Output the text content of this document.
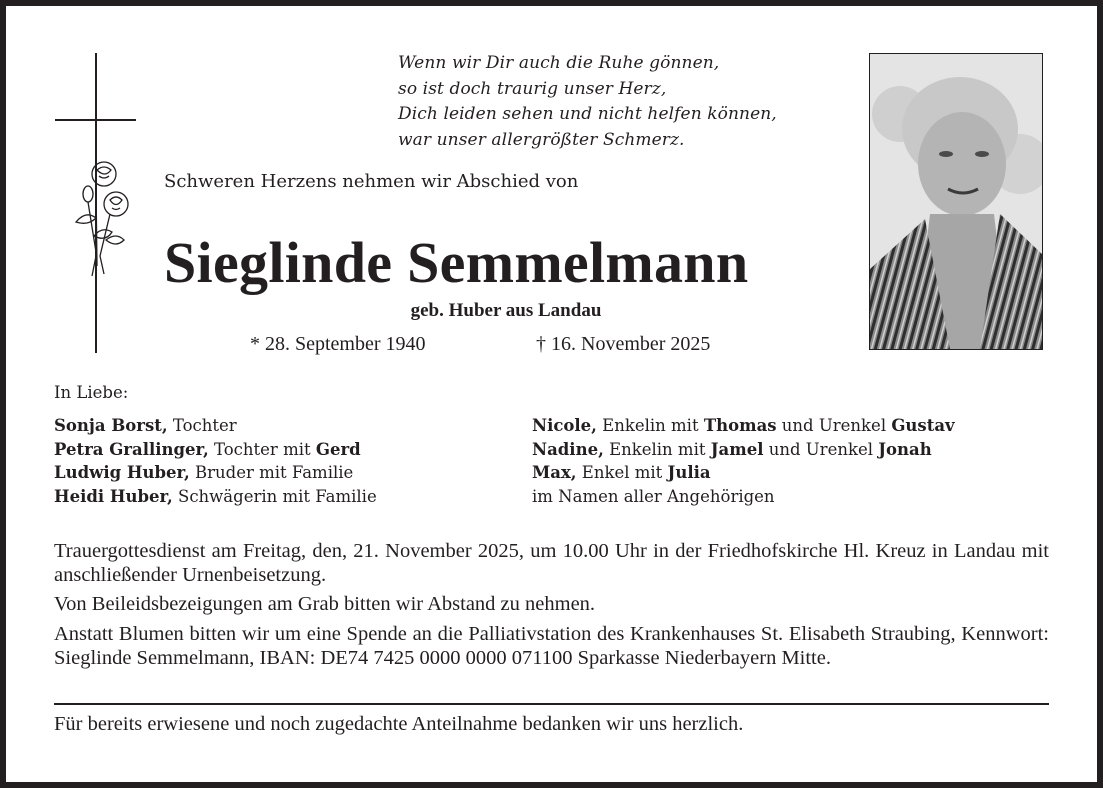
Wenn wir Dir auch die Ruhe gönnen,
so ist doch traurig unser Herz,
Dich leiden sehen und nicht helfen können,
war unser allergrößter Schmerz.
Schweren Herzens nehmen wir Abschied von
Sieglinde Semmelmann
geb. Huber aus Landau
* 28. September 1940	† 16. November 2025
In Liebe:
Sonja Borst, Tochter
Petra Grallinger, Tochter mit Gerd
Ludwig Huber, Bruder mit Familie
Heidi Huber, Schwägerin mit Familie
Nicole, Enkelin mit Thomas und Urenkel Gustav
Nadine, Enkelin mit Jamel und Urenkel Jonah
Max, Enkel mit Julia
im Namen aller Angehörigen
Trauergottesdienst am Freitag, den, 21. November 2025, um 10.00 Uhr in der Friedhofskirche Hl. Kreuz in Landau mit anschließender Urnenbeisetzung.
Von Beileidsbezeigungen am Grab bitten wir Abstand zu nehmen.
Anstatt Blumen bitten wir um eine Spende an die Palliativstation des Krankenhauses St. Elisabeth Straubing, Kennwort: Sieglinde Semmelmann, IBAN: DE74 7425 0000 0000 071100 Sparkasse Niederbayern Mitte.
Für bereits erwiesene und noch zugedachte Anteilnahme bedanken wir uns herzlich.
